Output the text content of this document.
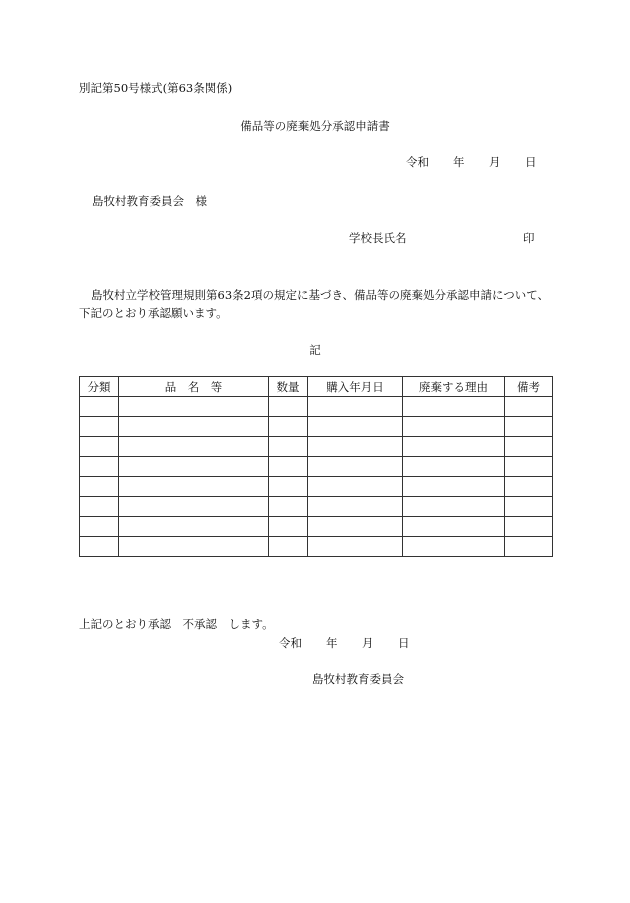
別記第50号様式(第63条関係)
備品等の廃棄処分承認申請書
令和 年 月 日
島牧村教育委員会　様
学校長氏名	印

島牧村立学校管理規則第63条2項の規定に基づき、備品等の廃棄処分承認申請について、

下記のとおり承認願います。

記
分類	品　名　等	数量	購入年月日	廃棄する理由	備考

上記のとおり承認　不承認　します。
令和 年 月 日
島牧村教育委員会
